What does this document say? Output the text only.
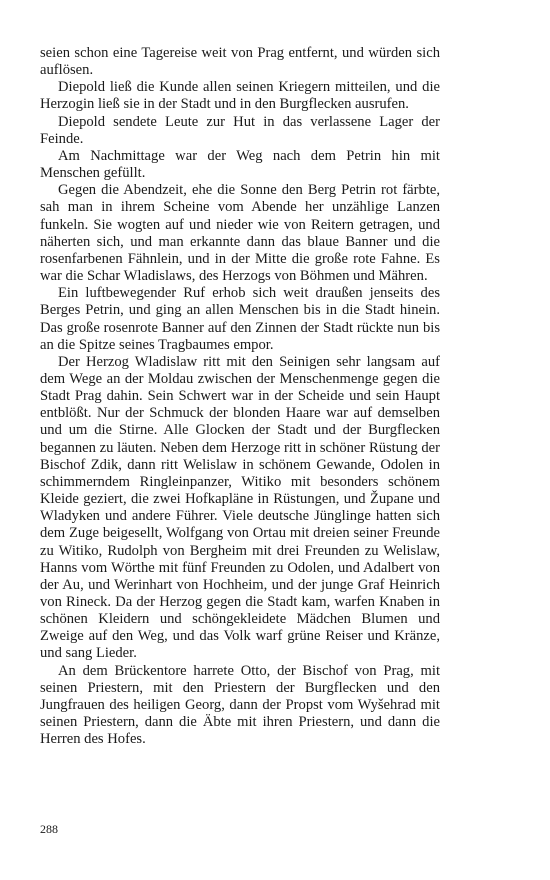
seien schon eine Tagereise weit von Prag entfernt, und würden sich auflösen.

Diepold ließ die Kunde allen seinen Kriegern mitteilen, und die Herzogin ließ sie in der Stadt und in den Burgflecken ausrufen.

Diepold sendete Leute zur Hut in das verlassene Lager der Feinde.

Am Nachmittage war der Weg nach dem Petrin hin mit Menschen gefüllt.

Gegen die Abendzeit, ehe die Sonne den Berg Petrin rot färbte, sah man in ihrem Scheine vom Abende her unzählige Lanzen funkeln. Sie wogten auf und nieder wie von Reitern getragen, und näherten sich, und man erkannte dann das blaue Banner und die rosenfarbenen Fähnlein, und in der Mitte die große rote Fahne. Es war die Schar Wladislaws, des Herzogs von Böhmen und Mähren.

Ein luftbewegender Ruf erhob sich weit draußen jenseits des Berges Petrin, und ging an allen Menschen bis in die Stadt hinein. Das große rosenrote Banner auf den Zinnen der Stadt rückte nun bis an die Spitze seines Tragbaumes empor.

Der Herzog Wladislaw ritt mit den Seinigen sehr langsam auf dem Wege an der Moldau zwischen der Menschenmenge gegen die Stadt Prag dahin. Sein Schwert war in der Scheide und sein Haupt entblößt. Nur der Schmuck der blonden Haare war auf demselben und um die Stirne. Alle Glocken der Stadt und der Burgflecken begannen zu läuten. Neben dem Herzoge ritt in schöner Rüstung der Bischof Zdik, dann ritt Welislaw in schönem Gewande, Odolen in schimmerndem Ringleinpanzer, Witiko mit besonders schönem Kleide geziert, die zwei Hofkapläne in Rüstungen, und Župane und Wladyken und andere Führer. Viele deutsche Jünglinge hatten sich dem Zuge beigesellt, Wolfgang von Ortau mit dreien seiner Freunde zu Witiko, Rudolph von Bergheim mit drei Freunden zu Welislaw, Hanns vom Wörthe mit fünf Freunden zu Odolen, und Adalbert von der Au, und Werinhart von Hochheim, und der junge Graf Heinrich von Rineck. Da der Herzog gegen die Stadt kam, warfen Knaben in schönen Kleidern und schöngekleidete Mädchen Blumen und Zweige auf den Weg, und das Volk warf grüne Reiser und Kränze, und sang Lieder.

An dem Brückentore harrete Otto, der Bischof von Prag, mit seinen Priestern, mit den Priestern der Burgflecken und den Jungfrauen des heiligen Georg, dann der Propst vom Wyšehrad mit seinen Priestern, dann die Äbte mit ihren Priestern, und dann die Herren des Hofes.

288
